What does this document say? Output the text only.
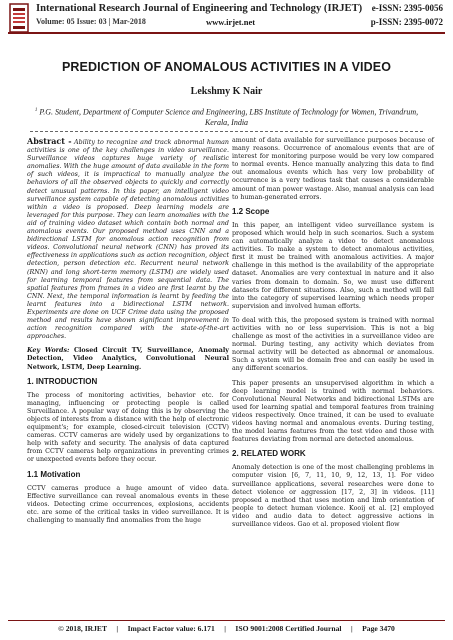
International Research Journal of Engineering and Technology (IRJET) e-ISSN: 2395-0056
Volume: 05 Issue: 03 | Mar-2018	www.irjet.net	p-ISSN: 2395-0072
PREDICTION OF ANOMALOUS ACTIVITIES IN A VIDEO
Lekshmy K Nair
$^1$ P.G. Student, Department of Computer Science and Engineering, LBS Institute of Technology for Women, Trivandrum, Kerala, India

Abstract - Ability to recognize and track abnormal human activities is one of the key challenges in video surveillance. Surveillance videos captures huge variety of realistic anomalies. With the huge amount of data available in the form of such videos, it is impractical to manually analyze the behaviors of all the observed objects to quickly and correctly detect unusual patterns. In this paper, an intelligent video surveillance system capable of detecting anomalous activities within a video is proposed. Deep learning models are leveraged for this purpose. They can learn anomalies with the aid of training video dataset which contain both normal and anomalous events. Our proposed method uses CNN and a bidirectional LSTM for anomalous action recognition from videos. Convolutional neural network (CNN) has proved its effectiveness in applications such as action recognition, object detection, person detection etc. Recurrent neural network (RNN) and long short-term memory (LSTM) are widely used for learning temporal features from sequential data. The spatial features from frames in a video are first learnt by the CNN. Next, the temporal information is learnt by feeding the learnt features into a bidirectional LSTM network. Experiments are done on UCF Crime data using the proposed method and results have shown significant improvement in action recognition compared with the state-of-the-art approaches.

Key Words: Closed Circuit TV, Surveillance, Anomaly Detection, Video Analytics, Convolutional Neural Network, LSTM, Deep Learning.

1. INTRODUCTION

The process of monitoring activities, behavior etc. for managing, influencing or protecting people is called Surveillance. A popular way of doing this is by observing the objects of interests from a distance with the help of electronic equipment's; for example, closed-circuit television (CCTV) cameras. CCTV cameras are widely used by organizations to help with safety and security. The analysis of data captured from CCTV cameras help organizations in preventing crimes or unexpected events before they occur.

1.1 Motivation

CCTV cameras produce a huge amount of video data. Effective surveillance can reveal anomalous events in these videos. Detecting crime occurrences, explosions, accidents etc. are some of the critical tasks in video surveillance. It is challenging to manually find anomalies from the huge

amount of data available for surveillance purposes because of many reasons. Occurrence of anomalous events that are of interest for monitoring purpose would be very low compared to normal events. Hence manually analyzing this data to find out anomalous events which has very low probability of occurrence is a very tedious task that causes a considerable amount of man power wastage. Also, manual analysis can lead to human-generated errors.

1.2 Scope

In this paper, an intelligent video surveillance system is proposed which would help in such scenarios. Such a system can automatically analyze a video to detect anomalous activities. To make a system to detect anomalous activities, first it must be trained with anomalous activities. A major challenge in this method is the availability of the appropriate dataset. Anomalies are very contextual in nature and it also varies from domain to domain. So, we must use different datasets for different situations. Also, such a method will fall into the category of supervised learning which needs proper supervision and involved human efforts.

To deal with this, the proposed system is trained with normal activities with no or less supervision. This is not a big challenge as most of the activities in a surveillance video are normal. During testing, any activity which deviates from normal activity will be detected as abnormal or anomalous. Such a system will be domain free and can easily be used in any different scenarios.

This paper presents an unsupervised algorithm in which a deep learning model is trained with normal behaviors. Convolutional Neural Networks and bidirectional LSTMs are used for learning spatial and temporal features from training videos respectively. Once trained, it can be used to evaluate videos having normal and anomalous events. During testing, the model learns features from the test video and those with features deviating from normal are detected anomalous.

2. RELATED WORK

Anomaly detection is one of the most challenging problems in computer vision [6, 7, 11, 10, 9, 12, 13, 1]. For video surveillance applications, several researches were done to detect violence or aggression [17, 2, 3] in videos. [11] proposed a method that uses motion and limb orientation of people to detect human violence. Kooij et al. [2] employed video and audio data to detect aggressive actions in surveillance videos. Gao et al. proposed violent flow

© 2018, IRJET     |     Impact Factor value: 6.171     |     ISO 9001:2008 Certified Journal     |     Page 3470
